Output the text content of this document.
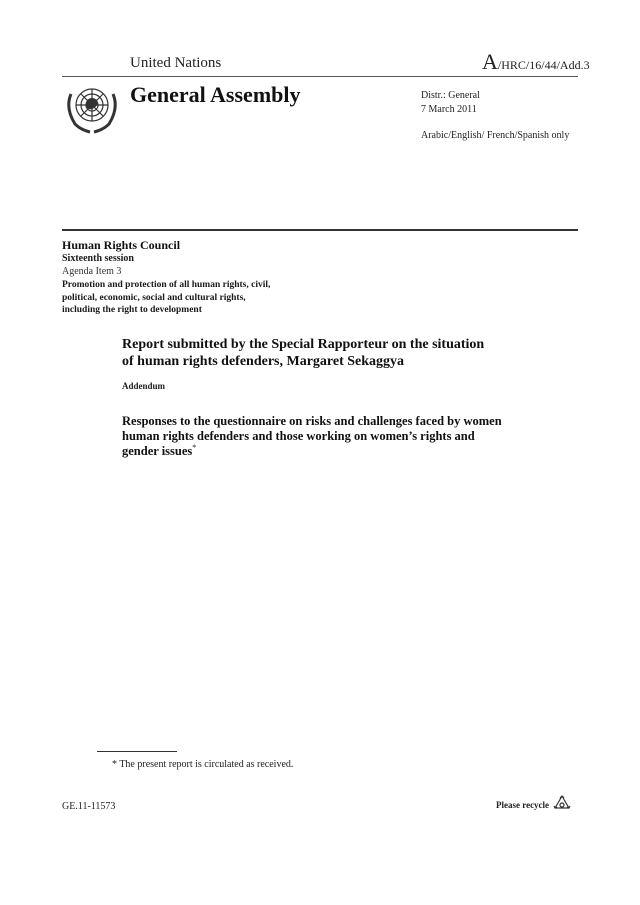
United Nations	A/HRC/16/44/Add.3
General Assembly	Distr.: General
7 March 2011
Arabic/English/ French/Spanish only
Human Rights Council
Sixteenth session
Agenda Item 3
Promotion and protection of all human rights, civil,
political, economic, social and cultural rights,
including the right to development
Report submitted by the Special Rapporteur on the situation
of human rights defenders, Margaret Sekaggya
Addendum
Responses to the questionnaire on risks and challenges faced by women
human rights defenders and those working on women’s rights and
gender issues*
* The present report is circulated as received.
GE.11-11573	Please recycle
